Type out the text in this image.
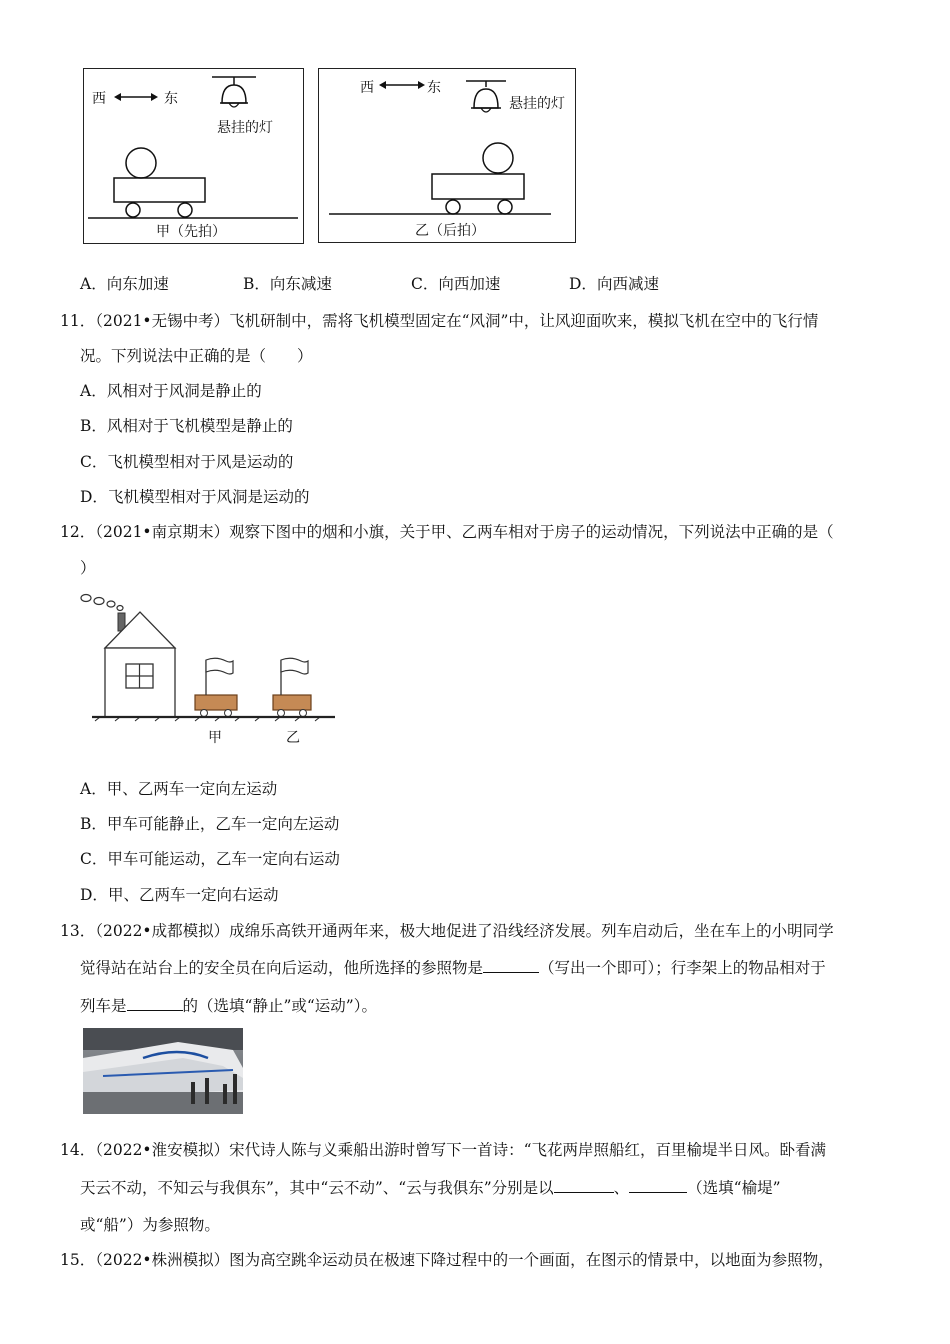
西	东
悬挂的灯
甲（先拍）
西	东
悬挂的灯
乙（后拍）
A．向东加速	B．向东减速	C．向西加速	D．向西减速
11．（2021•无锡中考）飞机研制中，需将飞机模型固定在“风洞”中，让风迎面吹来，模拟飞机在空中的飞行情
况。下列说法中正确的是（　　）
A．风相对于风洞是静止的
B．风相对于飞机模型是静止的
C．飞机模型相对于风是运动的
D．飞机模型相对于风洞是运动的
12．（2021•南京期末）观察下图中的烟和小旗，关于甲、乙两车相对于房子的运动情况，下列说法中正确的是（
）
甲	乙
A．甲、乙两车一定向左运动
B．甲车可能静止，乙车一定向左运动
C．甲车可能运动，乙车一定向右运动
D．甲、乙两车一定向右运动
13．（2022•成都模拟）成绵乐高铁开通两年来，极大地促进了沿线经济发展。列车启动后，坐在车上的小明同学
觉得站在站台上的安全员在向后运动，他所选择的参照物是	（写出一个即可）；行李架上的物品相对于
列车是	的（选填“静止”或“运动”）。
14．（2022•淮安模拟）宋代诗人陈与义乘船出游时曾写下一首诗：“飞花两岸照船红，百里榆堤半日风。卧看满
天云不动，不知云与我俱东”，其中“云不动”、“云与我俱东”分别是以	、	（选填“榆堤”
或“船”）为参照物。
15．（2022•株洲模拟）图为高空跳伞运动员在极速下降过程中的一个画面，在图示的情景中，以地面为参照物，
